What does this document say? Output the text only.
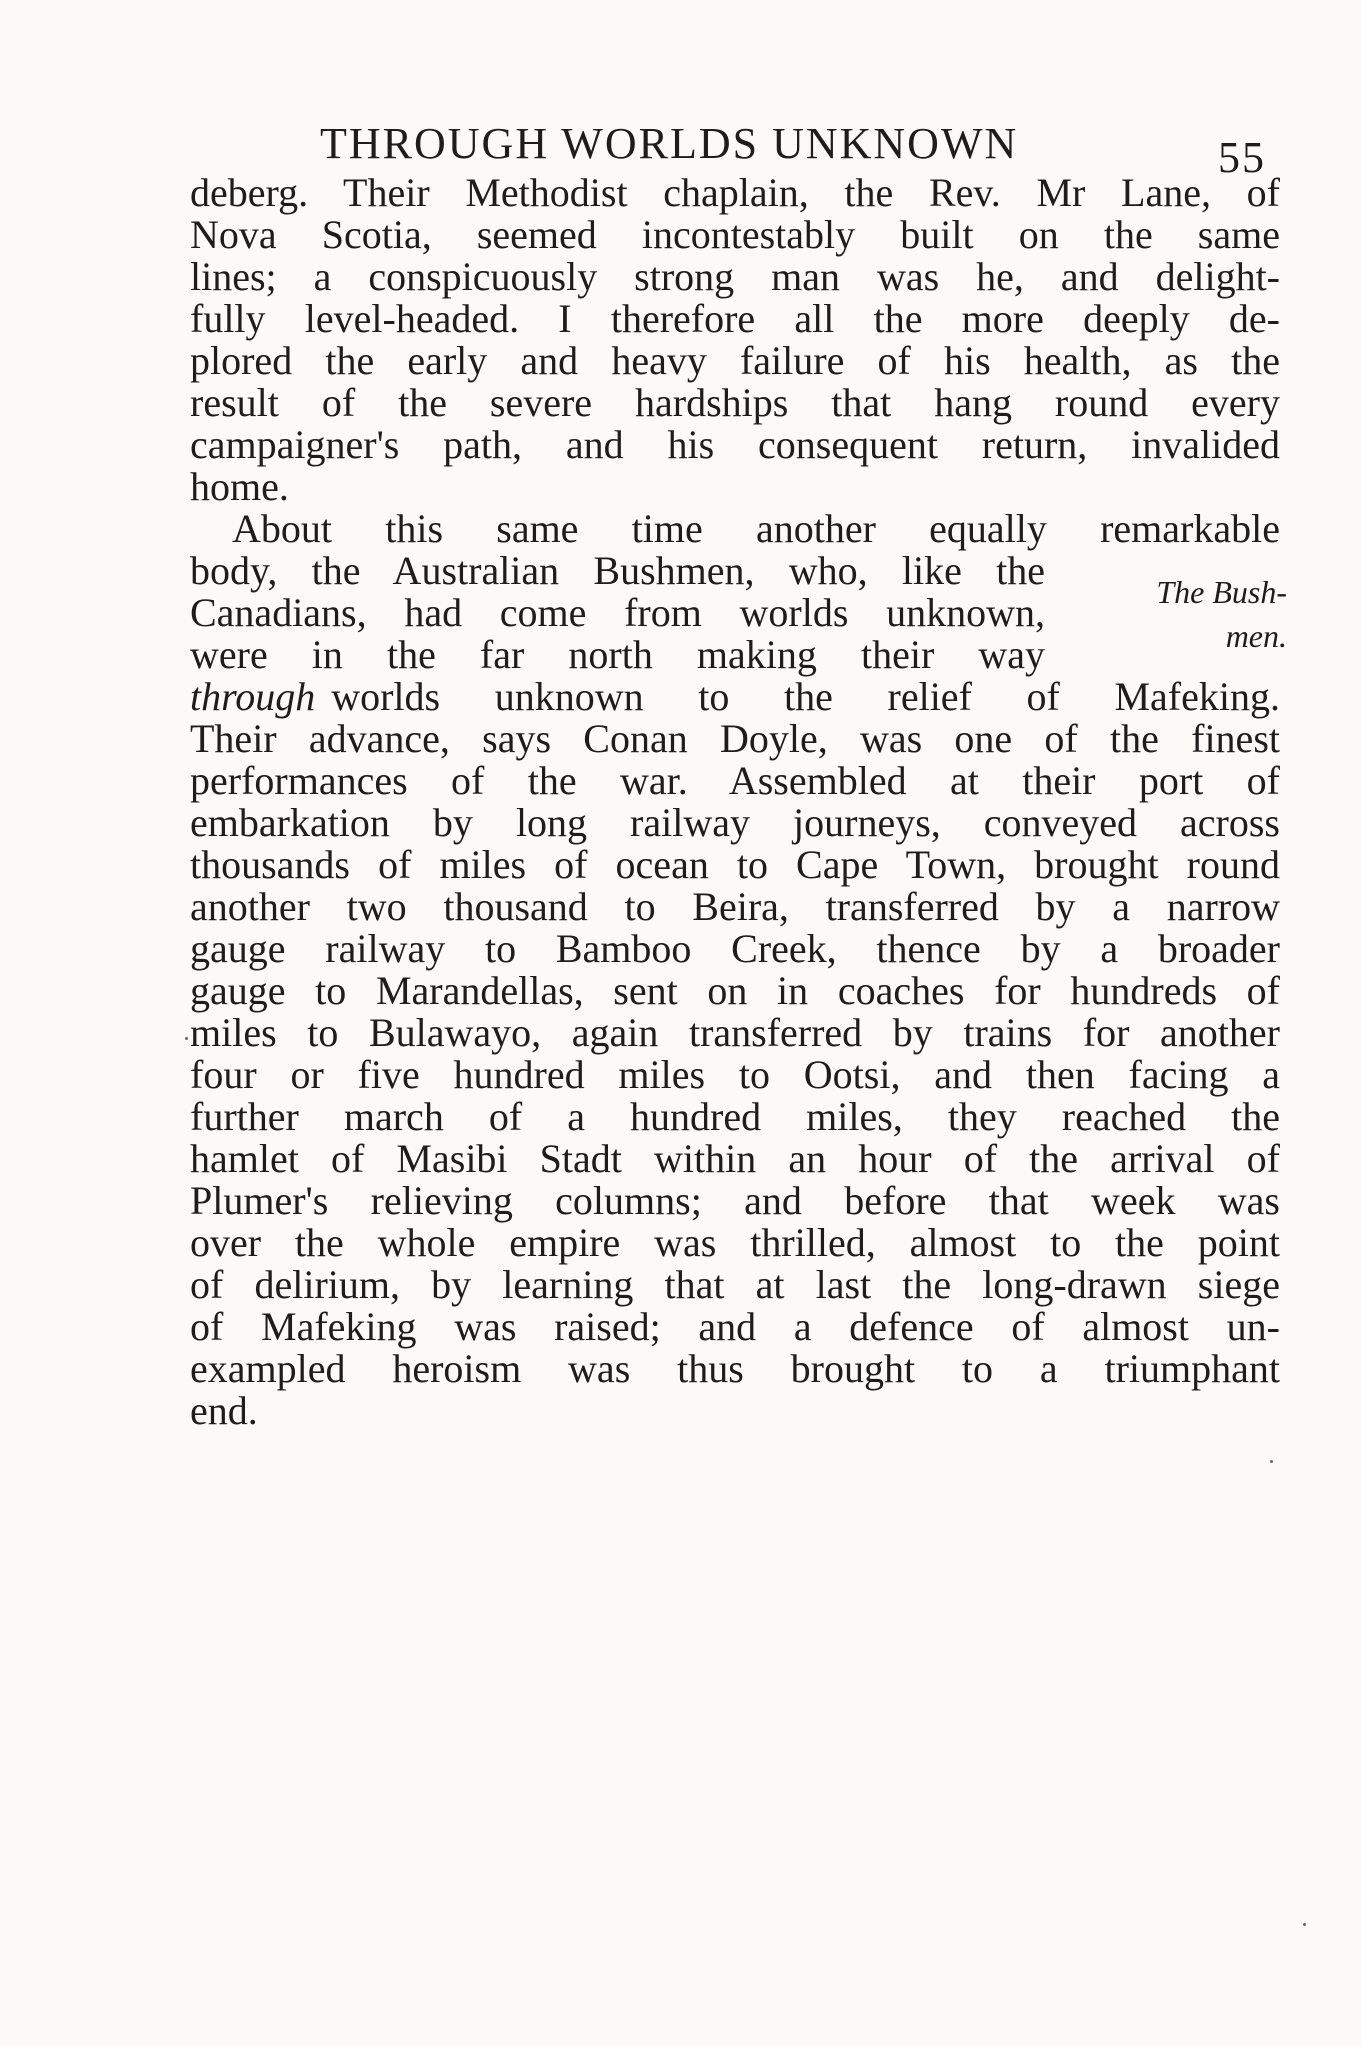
THROUGH WORLDS UNKNOWN	55
deberg. Their Methodist chaplain, the Rev. Mr Lane, of
Nova Scotia, seemed incontestably built on the same
lines; a conspicuously strong man was he, and delight-
fully level-headed. I therefore all the more deeply de-
plored the early and heavy failure of his health, as the
result of the severe hardships that hang round every
campaigner's path, and his consequent return, invalided
home.
About this same time another equally remarkable
body, the Australian Bushmen, who, like the
Canadians, had come from worlds unknown,
were in the far north making their way
through worlds unknown to the relief of Mafeking.
Their advance, says Conan Doyle, was one of the finest
performances of the war. Assembled at their port of
embarkation by long railway journeys, conveyed across
thousands of miles of ocean to Cape Town, brought round
another two thousand to Beira, transferred by a narrow
gauge railway to Bamboo Creek, thence by a broader
gauge to Marandellas, sent on in coaches for hundreds of
miles to Bulawayo, again transferred by trains for another
four or five hundred miles to Ootsi, and then facing a
further march of a hundred miles, they reached the
hamlet of Masibi Stadt within an hour of the arrival of
Plumer's relieving columns; and before that week was
over the whole empire was thrilled, almost to the point
of delirium, by learning that at last the long-drawn siege
of Mafeking was raised; and a defence of almost un-
exampled heroism was thus brought to a triumphant
end.
The Bush-
men.
